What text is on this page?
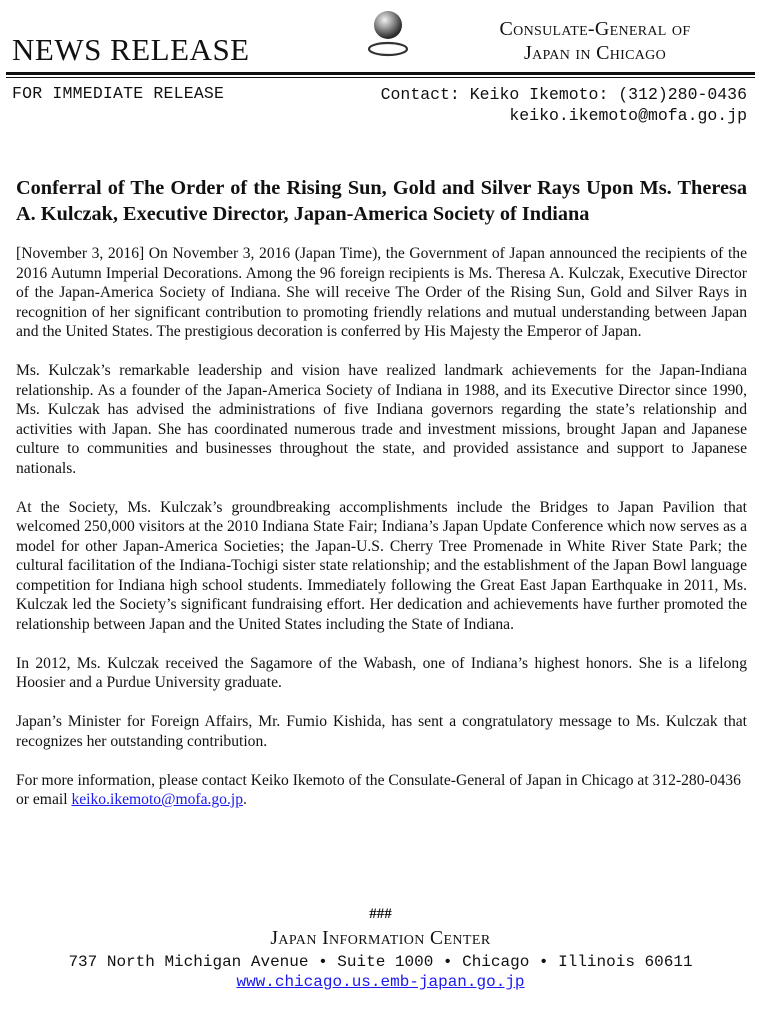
NEWS RELEASE
Consulate-General of
Japan in Chicago
FOR IMMEDIATE RELEASE	Contact: Keiko Ikemoto: (312)280-0436
keiko.ikemoto@mofa.go.jp
Conferral of The Order of the Rising Sun, Gold and Silver Rays Upon Ms. Theresa A. Kulczak, Executive Director, Japan-America Society of Indiana

[November 3, 2016] On November 3, 2016 (Japan Time), the Government of Japan announced the recipients of the 2016 Autumn Imperial Decorations. Among the 96 foreign recipients is Ms. Theresa A. Kulczak, Executive Director of the Japan-America Society of Indiana. She will receive The Order of the Rising Sun, Gold and Silver Rays in recognition of her significant contribution to promoting friendly relations and mutual understanding between Japan and the United States. The prestigious decoration is conferred by His Majesty the Emperor of Japan.

Ms. Kulczak’s remarkable leadership and vision have realized landmark achievements for the Japan-Indiana relationship. As a founder of the Japan-America Society of Indiana in 1988, and its Executive Director since 1990, Ms. Kulczak has advised the administrations of five Indiana governors regarding the state’s relationship and activities with Japan. She has coordinated numerous trade and investment missions, brought Japan and Japanese culture to communities and businesses throughout the state, and provided assistance and support to Japanese nationals.

At the Society, Ms. Kulczak’s groundbreaking accomplishments include the Bridges to Japan Pavilion that welcomed 250,000 visitors at the 2010 Indiana State Fair; Indiana’s Japan Update Conference which now serves as a model for other Japan-America Societies; the Japan-U.S. Cherry Tree Promenade in White River State Park; the cultural facilitation of the Indiana-Tochigi sister state relationship; and the establishment of the Japan Bowl language competition for Indiana high school students. Immediately following the Great East Japan Earthquake in 2011, Ms. Kulczak led the Society’s significant fundraising effort. Her dedication and achievements have further promoted the relationship between Japan and the United States including the State of Indiana.

In 2012, Ms. Kulczak received the Sagamore of the Wabash, one of Indiana’s highest honors. She is a lifelong Hoosier and a Purdue University graduate.

Japan’s Minister for Foreign Affairs, Mr. Fumio Kishida, has sent a congratulatory message to Ms. Kulczak that recognizes her outstanding contribution.

For more information, please contact Keiko Ikemoto of the Consulate-General of Japan in Chicago at 312-280-0436 or email keiko.ikemoto@mofa.go.jp.

###
Japan Information Center
737 North Michigan Avenue • Suite 1000 • Chicago • Illinois 60611
www.chicago.us.emb-japan.go.jp
